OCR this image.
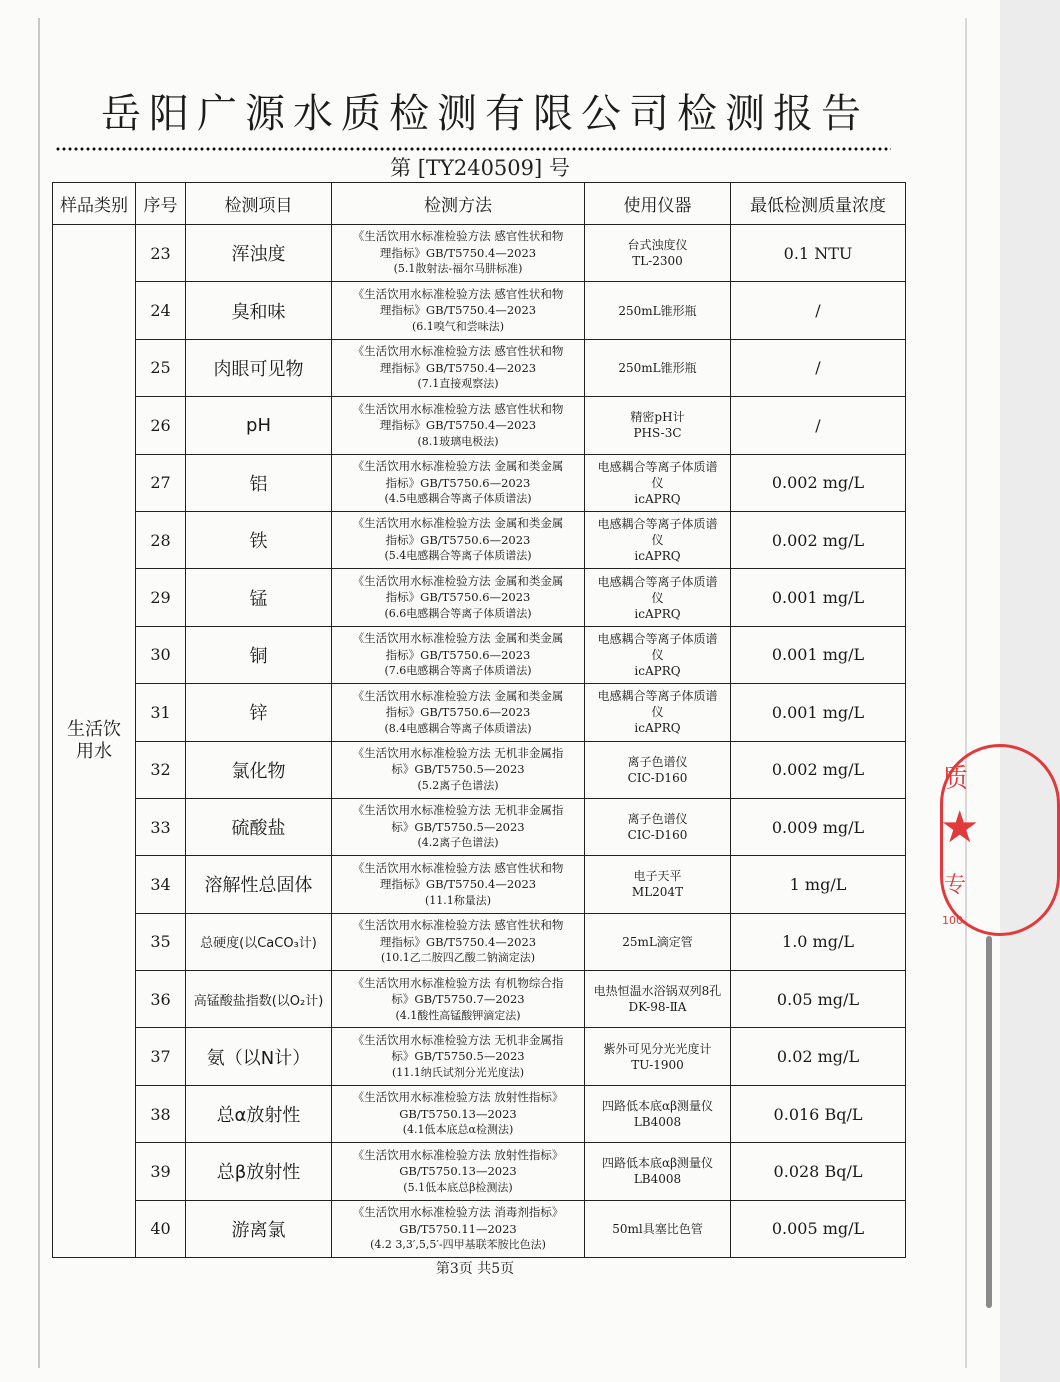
岳阳广源水质检测有限公司检测报告
第 [TY240509] 号
样品类别	序号	检测项目	检测方法	使用仪器	最低检测质量浓度
生活饮用水	23	浑浊度	《生活饮用水标准检验方法 感官性状和物
理指标》GB/T5750.4—2023
(5.1散射法-福尔马肼标准)	台式浊度仪
TL-2300	0.1 NTU
	24	臭和味	《生活饮用水标准检验方法 感官性状和物
理指标》GB/T5750.4—2023
(6.1嗅气和尝味法)	250mL锥形瓶	/
	25	肉眼可见物	《生活饮用水标准检验方法 感官性状和物
理指标》GB/T5750.4—2023
(7.1直接观察法)	250mL锥形瓶	/
	26	pH	《生活饮用水标准检验方法 感官性状和物
理指标》GB/T5750.4—2023
(8.1玻璃电极法)	精密pH计
PHS-3C	/
	27	铝	《生活饮用水标准检验方法 金属和类金属
指标》GB/T5750.6—2023
(4.5电感耦合等离子体质谱法)	电感耦合等离子体质谱
仪
icAPRQ	0.002 mg/L
	28	铁	《生活饮用水标准检验方法 金属和类金属
指标》GB/T5750.6—2023
(5.4电感耦合等离子体质谱法)	电感耦合等离子体质谱
仪
icAPRQ	0.002 mg/L
	29	锰	《生活饮用水标准检验方法 金属和类金属
指标》GB/T5750.6—2023
(6.6电感耦合等离子体质谱法)	电感耦合等离子体质谱
仪
icAPRQ	0.001 mg/L
	30	铜	《生活饮用水标准检验方法 金属和类金属
指标》GB/T5750.6—2023
(7.6电感耦合等离子体质谱法)	电感耦合等离子体质谱
仪
icAPRQ	0.001 mg/L
	31	锌	《生活饮用水标准检验方法 金属和类金属
指标》GB/T5750.6—2023
(8.4电感耦合等离子体质谱法)	电感耦合等离子体质谱
仪
icAPRQ	0.001 mg/L
	32	氯化物	《生活饮用水标准检验方法 无机非金属指
标》GB/T5750.5—2023
(5.2离子色谱法)	离子色谱仪
CIC-D160	0.002 mg/L
	33	硫酸盐	《生活饮用水标准检验方法 无机非金属指
标》GB/T5750.5—2023
(4.2离子色谱法)	离子色谱仪
CIC-D160	0.009 mg/L
	34	溶解性总固体	《生活饮用水标准检验方法 感官性状和物
理指标》GB/T5750.4—2023
(11.1称量法)	电子天平
ML204T	1 mg/L
	35	总硬度(以CaCO₃计)	《生活饮用水标准检验方法 感官性状和物
理指标》GB/T5750.4—2023
(10.1乙二胺四乙酸二钠滴定法)	25mL滴定管	1.0 mg/L
	36	高锰酸盐指数(以O₂计)	《生活饮用水标准检验方法 有机物综合指
标》GB/T5750.7—2023
(4.1酸性高锰酸钾滴定法)	电热恒温水浴锅双列8孔
DK-98-ⅡA	0.05 mg/L
	37	氨（以N计）	《生活饮用水标准检验方法 无机非金属指
标》GB/T5750.5—2023
(11.1纳氏试剂分光光度法)	紫外可见分光光度计
TU-1900	0.02 mg/L
	38	总α放射性	《生活饮用水标准检验方法 放射性指标》
GB/T5750.13—2023
(4.1低本底总α检测法)	四路低本底αβ测量仪
LB4008	0.016 Bq/L
	39	总β放射性	《生活饮用水标准检验方法 放射性指标》
GB/T5750.13—2023
(5.1低本底总β检测法)	四路低本底αβ测量仪
LB4008	0.028 Bq/L
	40	游离氯	《生活饮用水标准检验方法 消毒剂指标》
GB/T5750.11—2023
(4.2 3,3′,5,5′-四甲基联苯胺比色法)	50ml具塞比色管	0.005 mg/L
第3页 共5页
质
★
专
100
